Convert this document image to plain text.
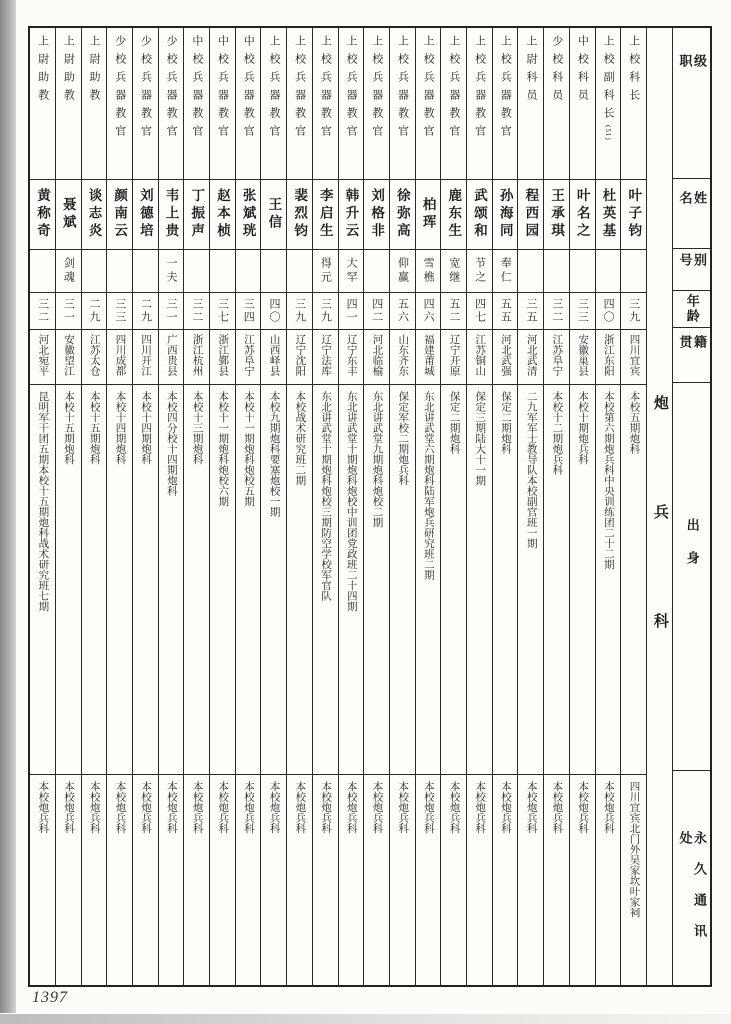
级职
姓名
别号
年龄
籍贯
出身
永久通讯处
炮兵科
上校科长
叶子钧
三九
四川宜宾
本校五期炮科
四川宜宾北门外吴家坎叶家祠
上校副科长(51)
杜英基
四〇
浙江东阳
本校第六期炮兵科中央训练团二十二期
本校炮兵科
中校科员
叶名之
三三
安徽巢县
本校十期炮兵科
本校炮兵科
少校科员
王承琪
三二
江苏阜宁
本校十二期炮兵科
本校炮兵科
上尉科员
程西园
三五
河北武清
二九军军士教导队本校副官班一期
本校炮兵科
上校兵器教官
孙海同
奉仁
五五
河北武强
保定二期炮科
本校炮兵科
上校兵器教官
武颂和
节之
四七
江苏铜山
保定三期陆大十一期
本校炮兵科
上校兵器教官
鹿东生
宽继
五二
辽宁开原
保定二期炮科
本校炮兵科
上校兵器教官
柏珲
雪樵
四六
福建莆城
东北讲武堂六期炮科陆军炮兵研究班二期
本校炮兵科
上校兵器教官
徐弥高
仰赢
五六
山东齐东
保定军校二期炮兵科
本校炮兵科
上校兵器教官
刘格非
四二
河北临榆
东北讲武堂九期炮科炮校二期
本校炮兵科
上校兵器教官
韩升云
大罕
四一
辽宁东丰
东北讲武堂十期炮科炮校中训团党政班二十四期
本校炮兵科
上校兵器教官
李启生
得元
三九
辽宁法库
东北讲武堂十期炮科炮校三期防空学校军官队
本校炮兵科
上校兵器教官
裴烈钧
三九
辽宁沈阳
本校战术研究班二期
本校炮兵科
上校兵器教官
王信
四〇
山西峄县
本校九期炮科要塞炮校一期
本校炮兵科
中校兵器教官
张斌珖
三四
江苏阜宁
本校十一期炮科炮校五期
本校炮兵科
中校兵器教官
赵本桢
三七
浙江鄞县
本校十一期炮科炮校六期
本校炮兵科
中校兵器教官
丁振声
三二
浙江杭州
本校十三期炮科
本校炮兵科
少校兵器教官
韦上贵
一夫
三一
广西贵县
本校四分校十四期炮科
本校炮兵科
少校兵器教官
刘德培
二九
四川开江
本校十四期炮科
本校炮兵科
少校兵器教官
颜南云
三三
四川成都
本校十四期炮科
本校炮兵科
上尉助教
谈志炎
二九
江苏太仓
本校十五期炮科
本校炮兵科
上尉助教
聂斌
剑魂
三一
安徽望江
本校十五期炮科
本校炮兵科
上尉助教
黄称奇
三二
河北宛平
昆明军干团五期本校十五期炮科战术研究班七期
本校炮兵科
1397
